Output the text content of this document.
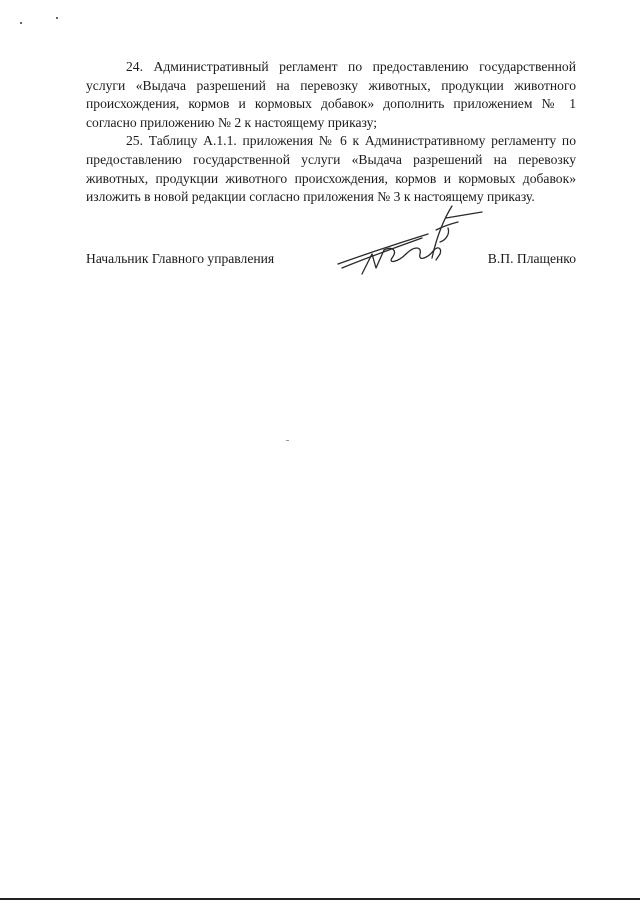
24. Административный регламент по предоставлению государственной услуги «Выдача разрешений на перевозку животных, продукции животного происхождения, кормов и кормовых добавок» дополнить приложением № 1 согласно приложению № 2 к настоящему приказу;

25. Таблицу А.1.1. приложения № 6 к Административному регламенту по предоставлению государственной услуги «Выдача разрешений на перевозку животных, продукции животного происхождения, кормов и кормовых добавок» изложить в новой редакции согласно приложения № 3 к настоящему приказу.

Начальник Главного управления	В.П. Плащенко
